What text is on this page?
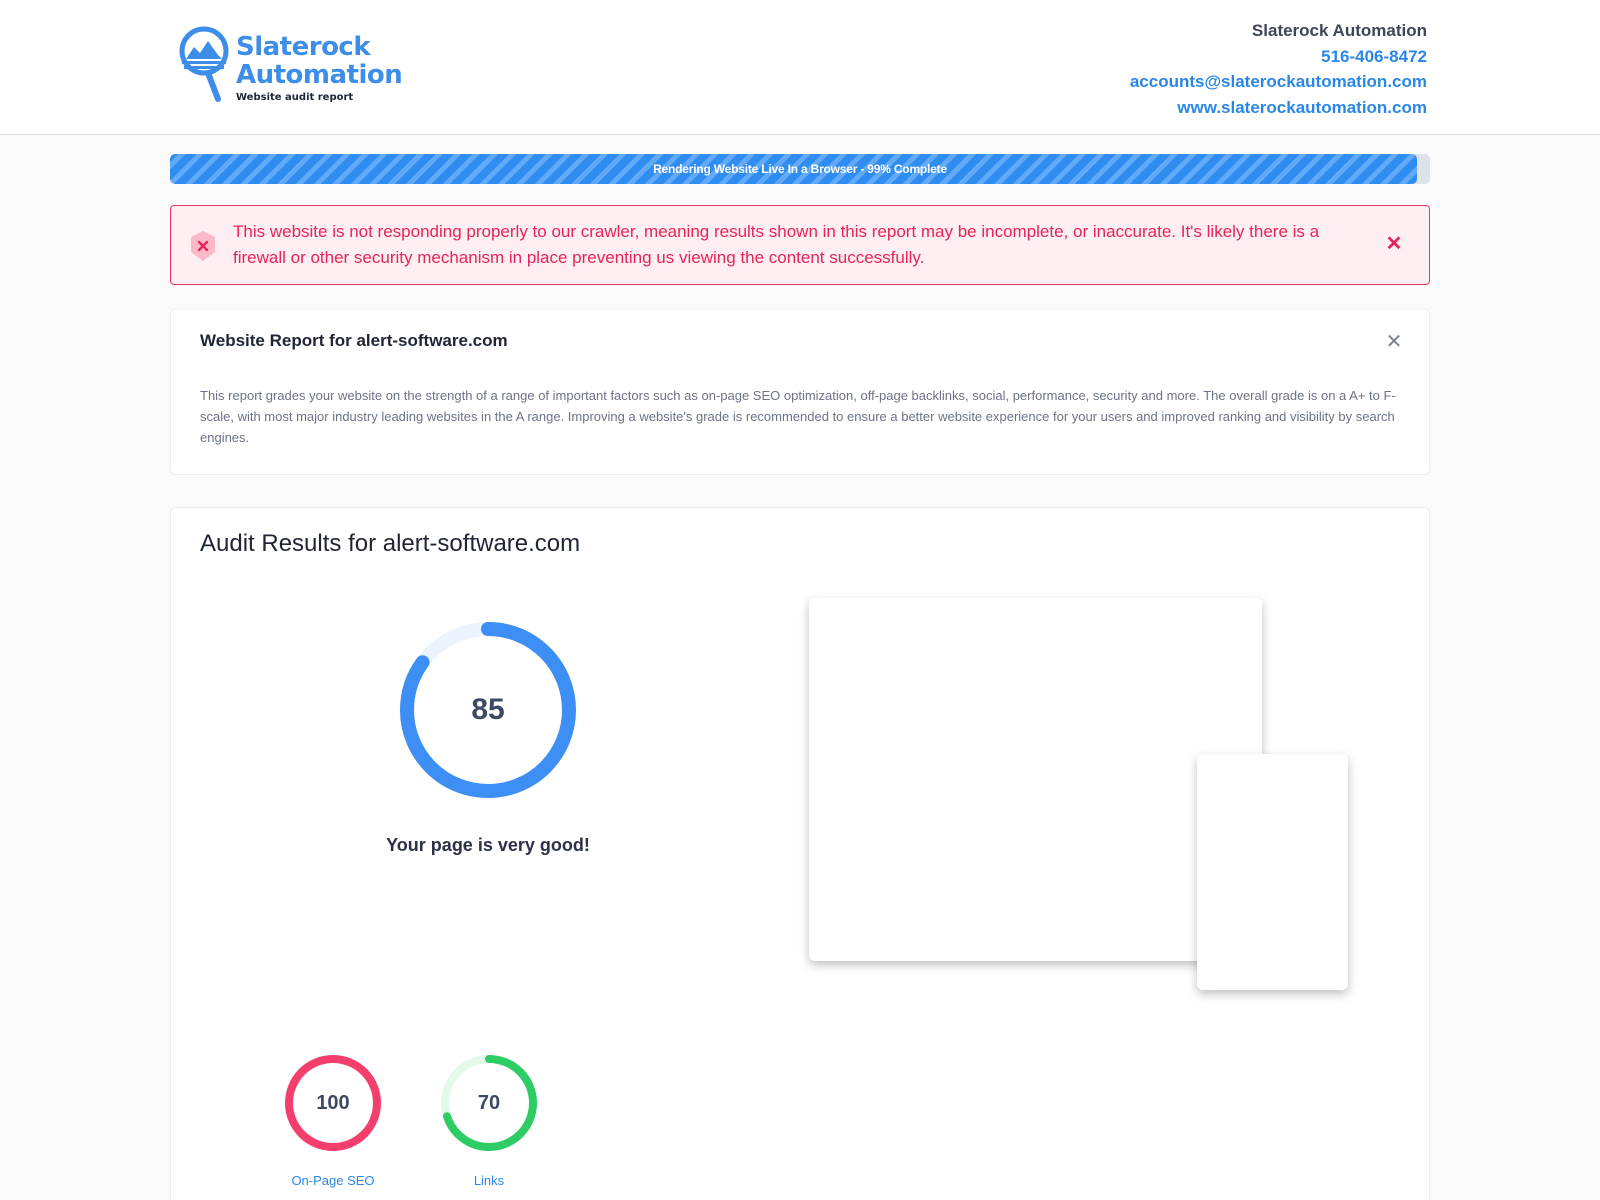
Slaterock
Automation
Website audit report
Slaterock Automation
516-406-8472
accounts@slaterockautomation.com
www.slaterockautomation.com
Rendering Website Live In a Browser - 99% Complete
This website is not responding properly to our crawler, meaning results shown in this report may be incomplete, or inaccurate. It's likely there is a firewall or other security mechanism in place preventing us viewing the content successfully.
✕
Website Report for alert-software.com	✕
This report grades your website on the strength of a range of important factors such as on-page SEO optimization, off-page backlinks, social, performance, security and more. The overall grade is on a A+ to F-scale, with most major industry leading websites in the A range. Improving a website's grade is recommended to ensure a better website experience for your users and improved ranking and visibility by search engines.
Audit Results for alert-software.com
85
Your page is very good!
100
On-Page SEO
70
Links
